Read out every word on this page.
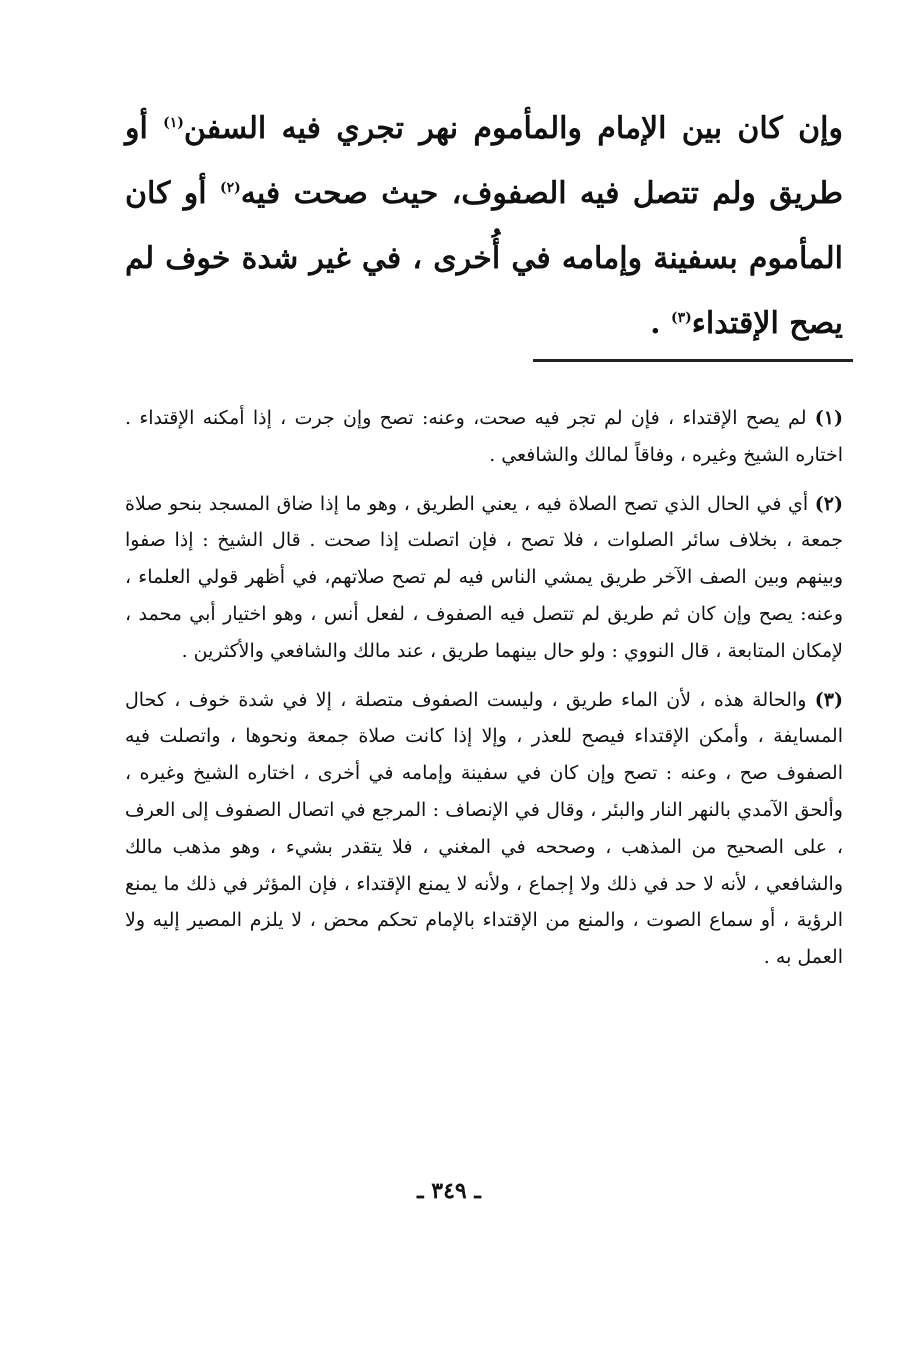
وإن كان بين الإمام والمأموم نهر تجري فيه السفن$^{(١)}$ أو طريق ولم تتصل فيه الصفوف، حيث صحت فيه$^{(٢)}$ أو كان المأموم بسفينة وإمامه في أُخرى ، في غير شدة خوف لم يصح الإقتداء$^{(٣)}$ .

(١) لم يصح الإقتداء ، فإن لم تجر فيه صحت، وعنه: تصح وإن جرت ، إذا أمكنه الإقتداء . اختاره الشيخ وغيره ، وفاقاً لمالك والشافعي .

(٢) أي في الحال الذي تصح الصلاة فيه ، يعني الطريق ، وهو ما إذا ضاق المسجد بنحو صلاة جمعة ، بخلاف سائر الصلوات ، فلا تصح ، فإن اتصلت إذا صحت . قال الشيخ : إذا صفوا وبينهم وبين الصف الآخر طريق يمشي الناس فيه لم تصح صلاتهم، في أظهر قولي العلماء ، وعنه: يصح وإن كان ثم طريق لم تتصل فيه الصفوف ، لفعل أنس ، وهو اختيار أبي محمد ، لإمكان المتابعة ، قال النووي : ولو حال بينهما طريق ، عند مالك والشافعي والأكثرين .

(٣) والحالة هذه ، لأن الماء طريق ، وليست الصفوف متصلة ، إلا في شدة خوف ، كحال المسايفة ، وأمكن الإقتداء فيصح للعذر ، وإلا إذا كانت صلاة جمعة ونحوها ، واتصلت فيه الصفوف صح ، وعنه : تصح وإن كان في سفينة وإمامه في أخرى ، اختاره الشيخ وغيره ، وألحق الآمدي بالنهر النار والبئر ، وقال في الإنصاف : المرجع في اتصال الصفوف إلى العرف ، على الصحيح من المذهب ، وصححه في المغني ، فلا يتقدر بشيء ، وهو مذهب مالك والشافعي ، لأنه لا حد في ذلك ولا إجماع ، ولأنه لا يمنع الإقتداء ، فإن المؤثر في ذلك ما يمنع الرؤية ، أو سماع الصوت ، والمنع من الإقتداء بالإمام تحكم محض ، لا يلزم المصير إليه ولا العمل به .

ـ ٣٤٩ ـ
